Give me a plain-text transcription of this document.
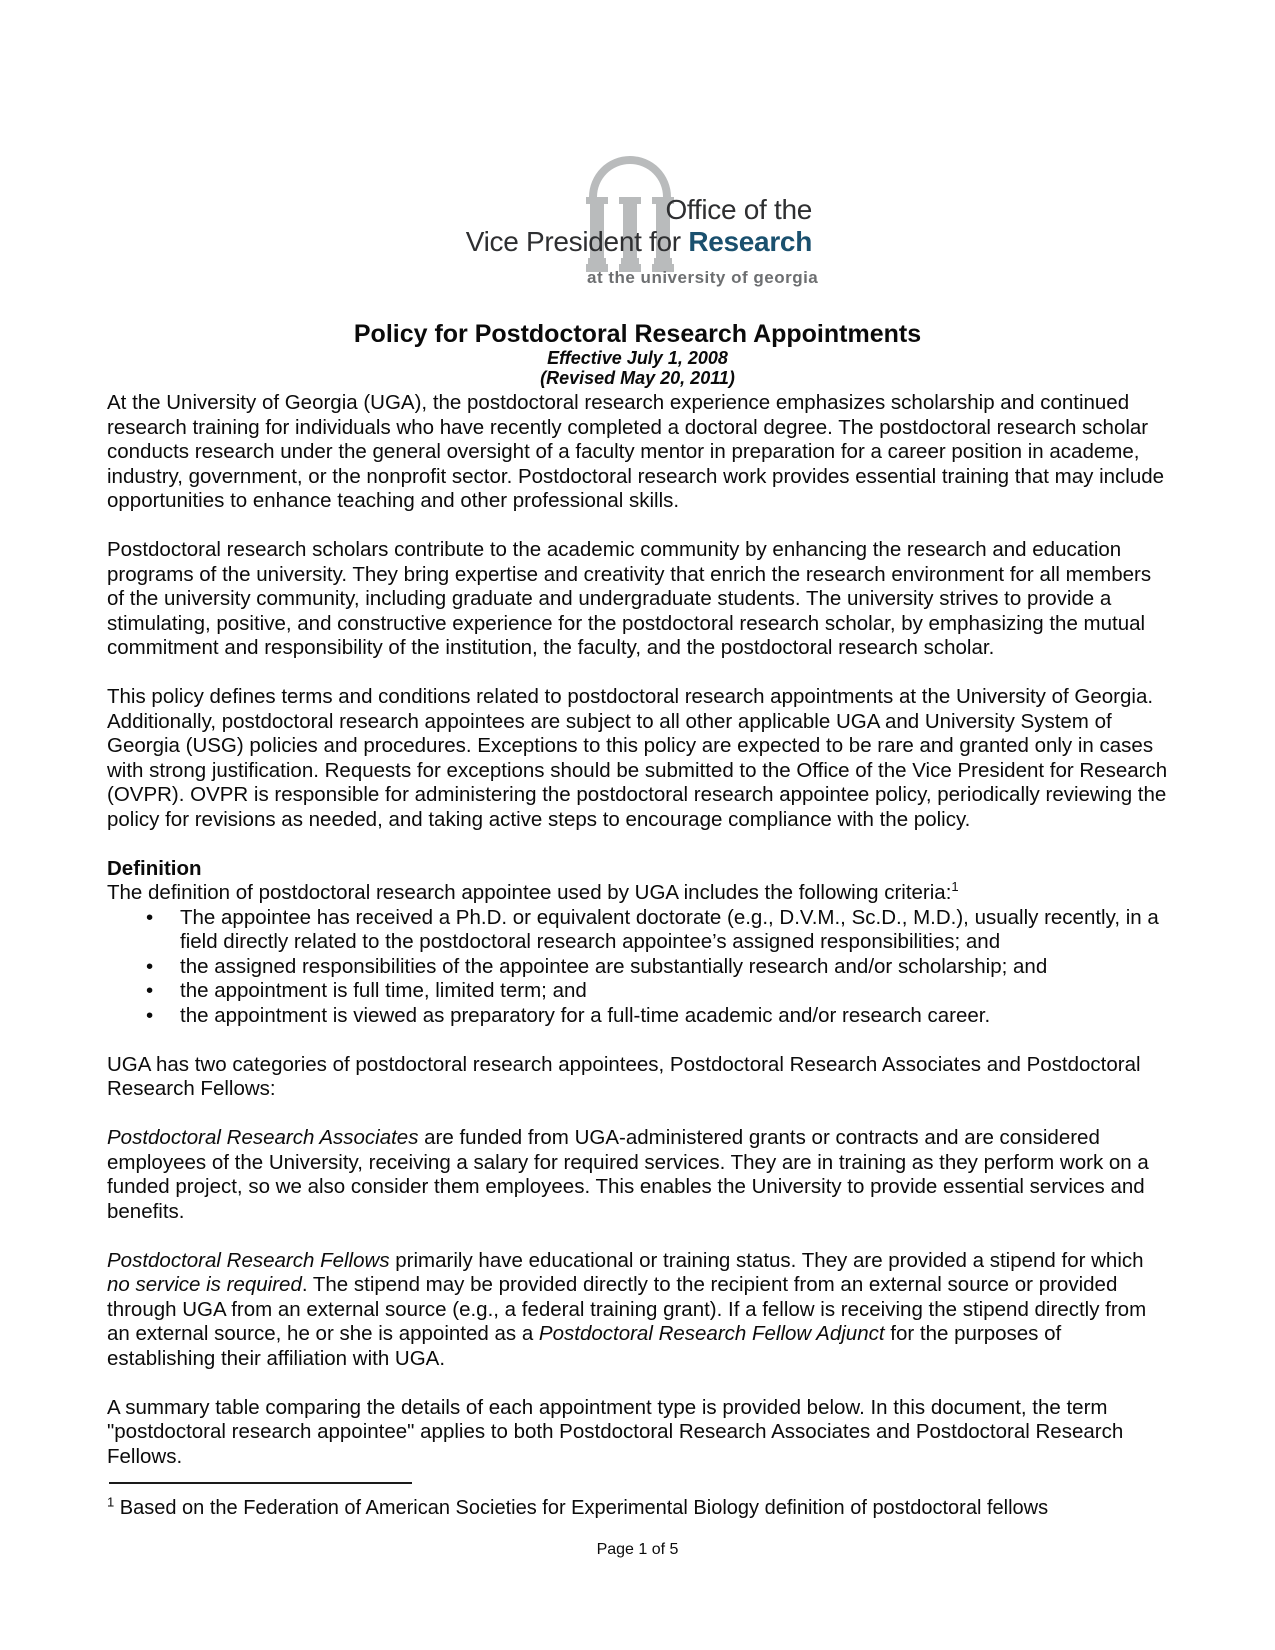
Office of the
Vice President for Research
at the university of georgia
Policy for Postdoctoral Research Appointments
Effective July 1, 2008
(Revised May 20, 2011)

At the University of Georgia (UGA), the postdoctoral research experience emphasizes scholarship and continued research training for individuals who have recently completed a doctoral degree. The postdoctoral research scholar conducts research under the general oversight of a faculty mentor in preparation for a career position in academe, industry, government, or the nonprofit sector. Postdoctoral research work provides essential training that may include opportunities to enhance teaching and other professional skills.

Postdoctoral research scholars contribute to the academic community by enhancing the research and education programs of the university. They bring expertise and creativity that enrich the research environment for all members of the university community, including graduate and undergraduate students. The university strives to provide a stimulating, positive, and constructive experience for the postdoctoral research scholar, by emphasizing the mutual commitment and responsibility of the institution, the faculty, and the postdoctoral research scholar.

This policy defines terms and conditions related to postdoctoral research appointments at the University of Georgia. Additionally, postdoctoral research appointees are subject to all other applicable UGA and University System of Georgia (USG) policies and procedures. Exceptions to this policy are expected to be rare and granted only in cases with strong justification. Requests for exceptions should be submitted to the Office of the Vice President for Research (OVPR). OVPR is responsible for administering the postdoctoral research appointee policy, periodically reviewing the policy for revisions as needed, and taking active steps to encourage compliance with the policy.

Definition

The definition of postdoctoral research appointee used by UGA includes the following criteria:$^1$

• The appointee has received a Ph.D. or equivalent doctorate (e.g., D.V.M., Sc.D., M.D.), usually recently, in a field directly related to the postdoctoral research appointee’s assigned responsibilities; and
• the assigned responsibilities of the appointee are substantially research and/or scholarship; and
• the appointment is full time, limited term; and
• the appointment is viewed as preparatory for a full-time academic and/or research career.

UGA has two categories of postdoctoral research appointees, Postdoctoral Research Associates and Postdoctoral Research Fellows:

Postdoctoral Research Associates are funded from UGA-administered grants or contracts and are considered employees of the University, receiving a salary for required services. They are in training as they perform work on a funded project, so we also consider them employees. This enables the University to provide essential services and benefits.

Postdoctoral Research Fellows primarily have educational or training status. They are provided a stipend for which no service is required. The stipend may be provided directly to the recipient from an external source or provided through UGA from an external source (e.g., a federal training grant). If a fellow is receiving the stipend directly from an external source, he or she is appointed as a Postdoctoral Research Fellow Adjunct for the purposes of establishing their affiliation with UGA.

A summary table comparing the details of each appointment type is provided below. In this document, the term "postdoctoral research appointee" applies to both Postdoctoral Research Associates and Postdoctoral Research Fellows.

$^1$ Based on the Federation of American Societies for Experimental Biology definition of postdoctoral fellows
Page 1 of 5
